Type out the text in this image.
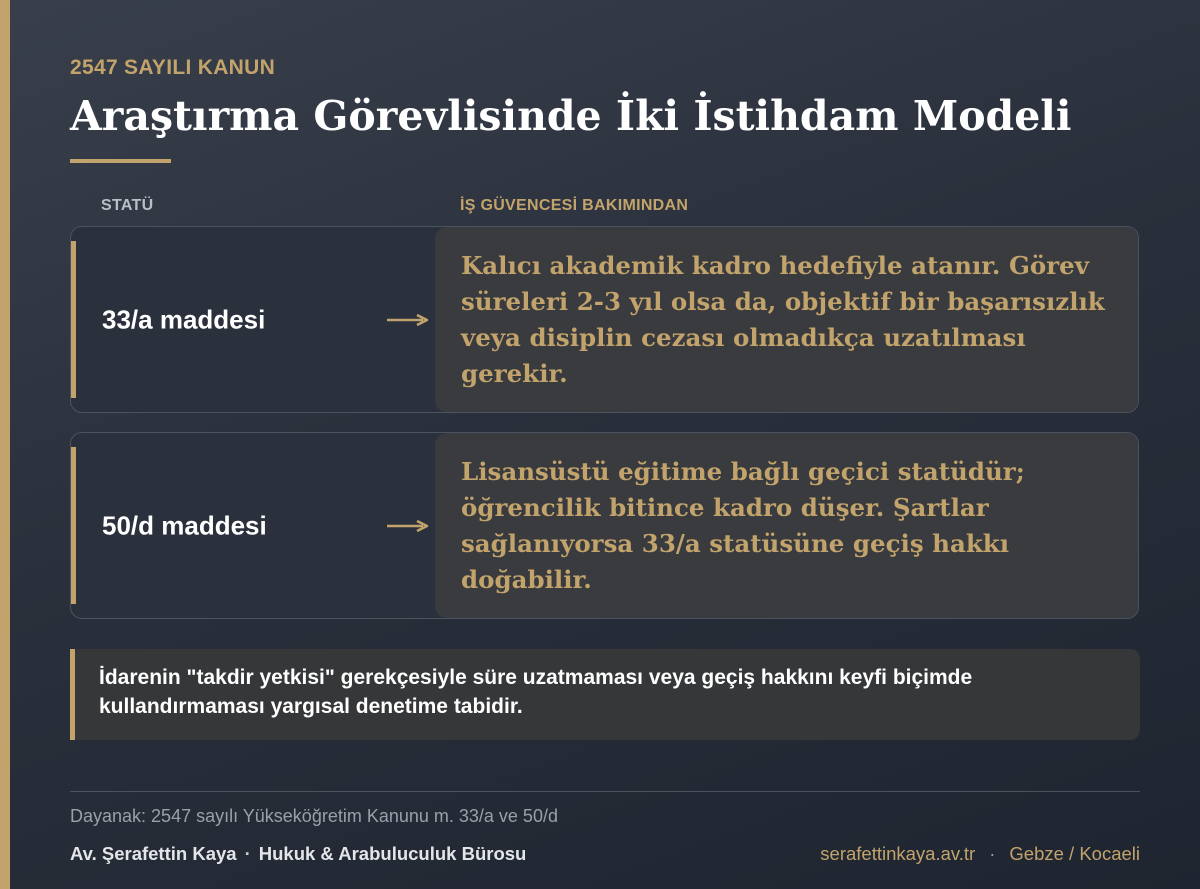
2547 SAYILI KANUN
Araştırma Görevlisinde İki İstihdam Modeli
STATÜ	İŞ GÜVENCESİ BAKIMINDAN
33/a maddesi

Kalıcı akademik kadro hedefiyle atanır. Görev süreleri 2-3 yıl olsa da, objektif bir başarısızlık veya disiplin cezası olmadıkça uzatılması gerekir.

50/d maddesi

Lisansüstü eğitime bağlı geçici statüdür; öğrencilik bitince kadro düşer. Şartlar sağlanıyorsa 33/a statüsüne geçiş hakkı doğabilir.

İdarenin "takdir yetkisi" gerekçesiyle süre uzatmaması veya geçiş hakkını keyfi biçimde kullandırmaması yargısal denetime tabidir.

Dayanak: 2547 sayılı Yükseköğretim Kanunu m. 33/a ve 50/d
Av. Şerafettin Kaya · Hukuk & Arabuluculuk Bürosu	serafettinkaya.av.tr · Gebze / Kocaeli
